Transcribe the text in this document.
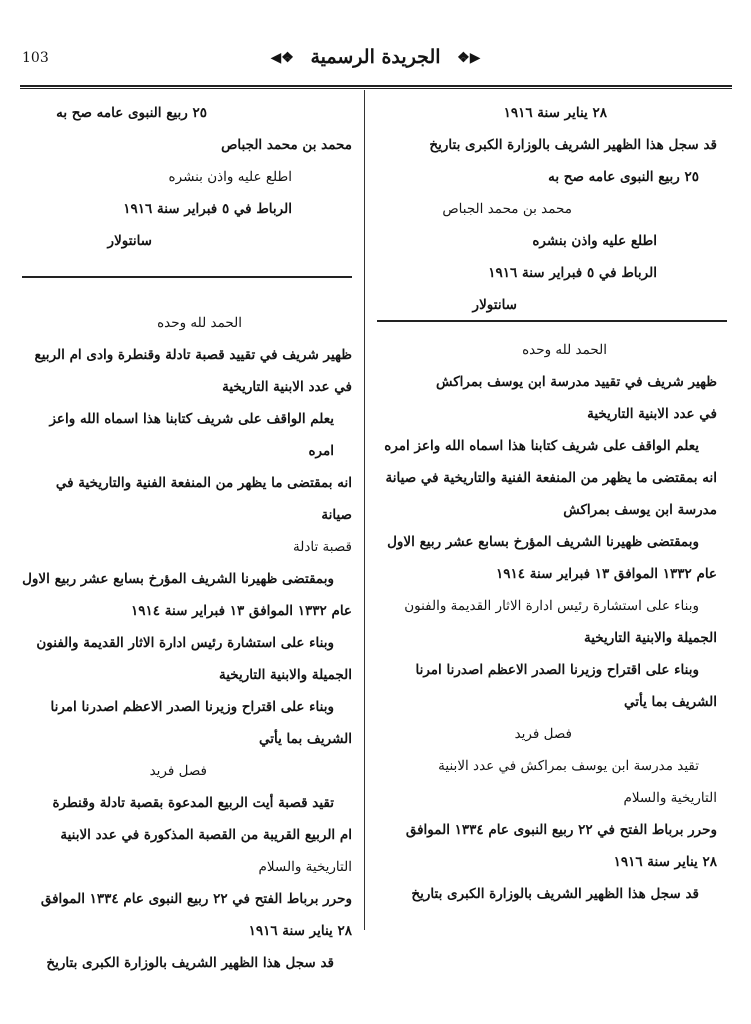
103	◀❖ الجريدة الرسمية ❖▶

٢٨ يناير سنة ١٩١٦

قد سجل هذا الظهير الشريف بالوزارة الكبرى بتاريخ

٢٥ ربيع النبوى عامه صح به

محمد بن محمد الجباص

اطلع عليه واذن بنشره

الرباط في ٥ فبراير سنة ١٩١٦

سانتولار

الحمد لله وحده

ظهير شريف في تقييد مدرسة ابن يوسف بمراكش

في عدد الابنية التاريخية

يعلم الواقف على شريف كتابنا هذا اسماه الله واعز امره

انه بمقتضى ما يظهر من المنفعة الفنية والتاريخية في صيانة

مدرسة ابن يوسف بمراكش

وبمقتضى ظهيرنا الشريف المؤرخ بسابع عشر ربيع الاول

عام ١٣٣٢ الموافق ١٣ فبراير سنة ١٩١٤

وبناء على استشارة رئيس ادارة الاثار القديمة والفنون

الجميلة والابنية التاريخية

وبناء على اقتراح وزيرنا الصدر الاعظم اصدرنا امرنا

الشريف بما يأتي

فصل فريد

تقيد مدرسة ابن يوسف بمراكش في عدد الابنية

التاريخية والسلام

وحرر برباط الفتح في ٢٢ ربيع النبوى عام ١٣٣٤ الموافق

٢٨ يناير سنة ١٩١٦

قد سجل هذا الظهير الشريف بالوزارة الكبرى بتاريخ

٢٥ ربيع النبوى عامه صح به

محمد بن محمد الجباص

اطلع عليه واذن بنشره

الرباط في ٥ فبراير سنة ١٩١٦

سانتولار

الحمد لله وحده

ظهير شريف في تقييد قصبة تادلة وقنطرة وادى ام الربيع

في عدد الابنية التاريخية

يعلم الواقف على شريف كتابنا هذا اسماه الله واعز امره

انه بمقتضى ما يظهر من المنفعة الفنية والتاريخية في صيانة

قصبة تادلة

وبمقتضى ظهيرنا الشريف المؤرخ بسابع عشر ربيع الاول

عام ١٣٣٢ الموافق ١٣ فبراير سنة ١٩١٤

وبناء على استشارة رئيس ادارة الاثار القديمة والفنون

الجميلة والابنية التاريخية

وبناء على اقتراح وزيرنا الصدر الاعظم اصدرنا امرنا

الشريف بما يأتي

فصل فريد

تقيد قصبة أيت الربيع المدعوة بقصبة تادلة وقنطرة

ام الربيع القريبة من القصبة المذكورة في عدد الابنية

التاريخية والسلام

وحرر برباط الفتح في ٢٢ ربيع النبوى عام ١٣٣٤ الموافق

٢٨ يناير سنة ١٩١٦

قد سجل هذا الظهير الشريف بالوزارة الكبرى بتاريخ
